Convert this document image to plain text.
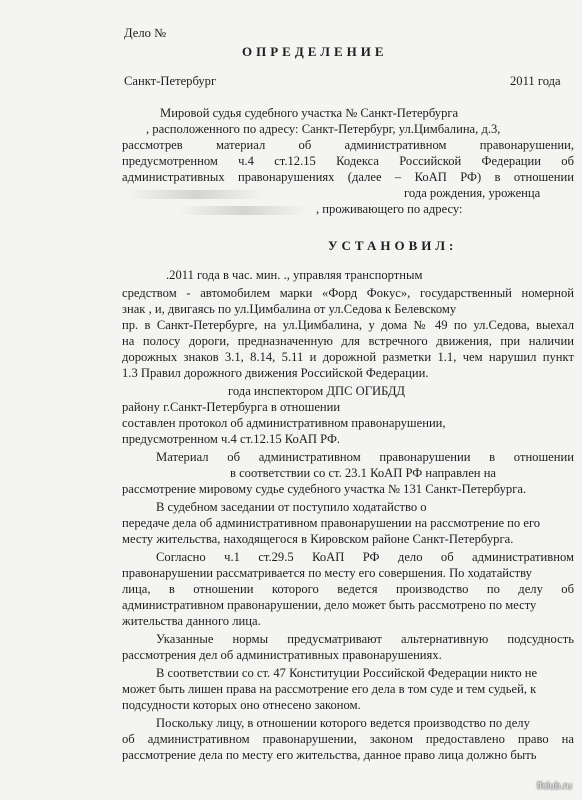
Дело №
ОПРЕДЕЛЕНИЕ
Санкт-Петербург	2011 года
Мировой судья судебного участка № Санкт-Петербурга
, расположенного по адресу: Санкт-Петербург, ул.Цимбалина, д.3,
рассмотрев материал об административном правонарушении,
предусмотренном ч.4 ст.12.15 Кодекса Российской Федерации об
административных правонарушениях (далее – КоАП РФ) в отношении
года рождения, уроженца
, проживающего по адресу:
УСТАНОВИЛ:
.2011 года в час. мин. ., управляя транспортным
средством - автомобилем марки «Форд Фокус», государственный номерной
знак , и, двигаясь по ул.Цимбалина от ул.Седова к Белевскому
пр. в Санкт-Петербурге, на ул.Цимбалина, у дома № 49 по ул.Седова, выехал
на полосу дороги, предназначенную для встречного движения, при наличии
дорожных знаков 3.1, 8.14, 5.11 и дорожной разметки 1.1, чем нарушил пункт
1.3 Правил дорожного движения Российской Федерации.
года инспектором ДПС ОГИБДД
району г.Санкт-Петербурга в отношении
составлен протокол об административном правонарушении,
предусмотренном ч.4 ст.12.15 КоАП РФ.
Материал об административном правонарушении в отношении
в соответствии со ст. 23.1 КоАП РФ направлен на
рассмотрение мировому судье судебного участка № 131 Санкт-Петербурга.
В судебном заседании от поступило ходатайство о
передаче дела об административном правонарушении на рассмотрение по его
месту жительства, находящегося в Кировском районе Санкт-Петербурга.
Согласно ч.1 ст.29.5 КоАП РФ дело об административном
правонарушении рассматривается по месту его совершения. По ходатайству
лица, в отношении которого ведется производство по делу об
административном правонарушении, дело может быть рассмотрено по месту
жительства данного лица.
Указанные нормы предусматривают альтернативную подсудность
рассмотрения дел об административных правонарушениях.
В соответствии со ст. 47 Конституции Российской Федерации никто не
может быть лишен права на рассмотрение его дела в том суде и тем судьей, к
подсудности которых оно отнесено законом.
Поскольку лицу, в отношении которого ведется производство по делу
об административном правонарушении, законом предоставлено право на
рассмотрение дела по месту его жительства, данное право лица должно быть
ffclub.ru
